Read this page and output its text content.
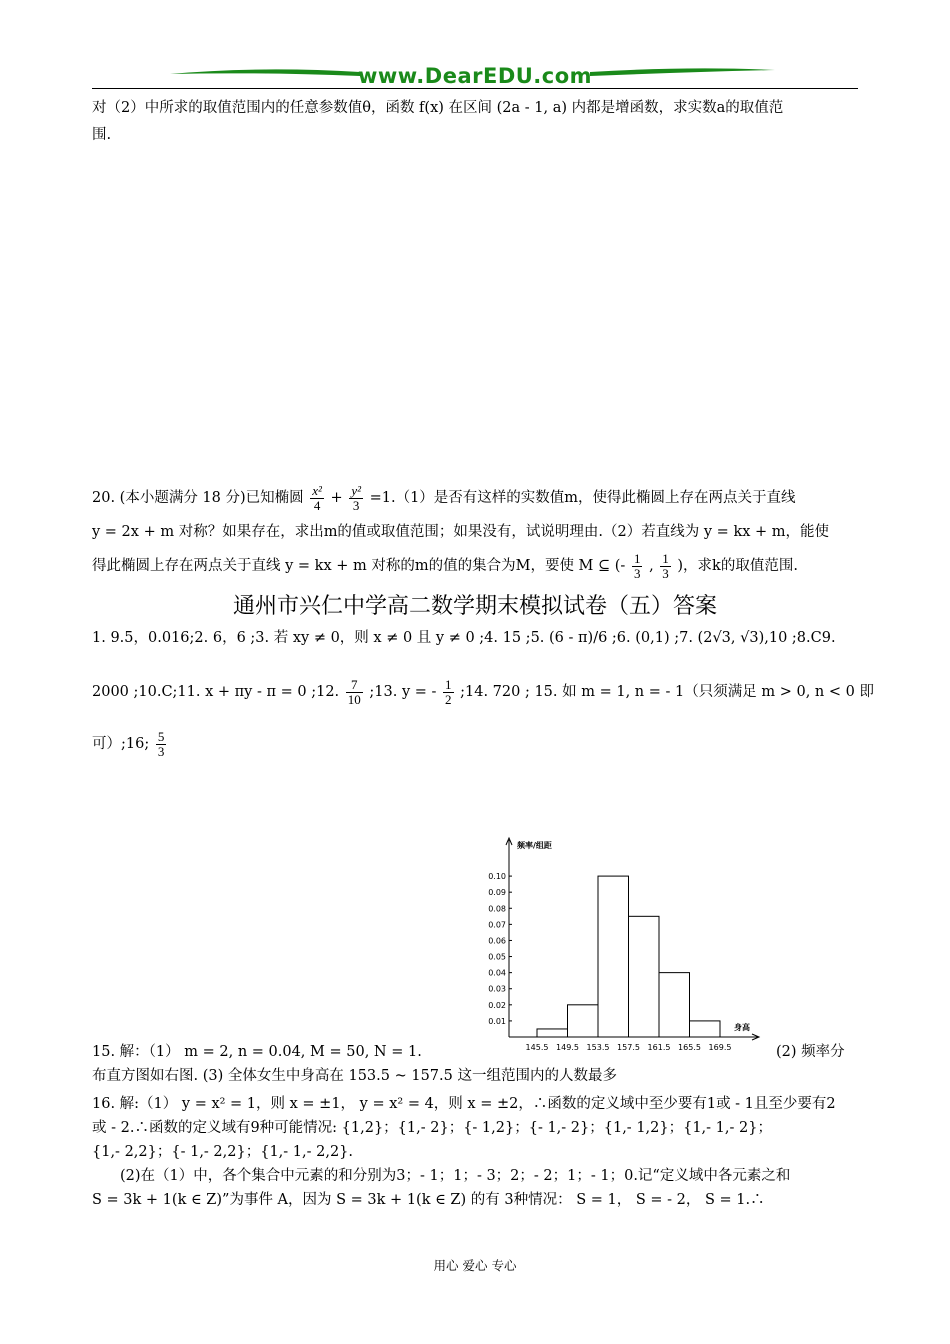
www.DearEDU.com
对（2）中所求的取值范围内的任意参数值θ，函数 f(x) 在区间 (2a - 1, a) 内都是增函数，求实数a的取值范
围.
20. (本小题满分 18 分)已知椭圆 $\frac{\text{x²}}{4} + \frac{\text{y²}}{3} =1.(1)$是否有这样的实数值m，使得此椭圆上存在两点关于直线
y = 2x + m 对称？如果存在，求出m的值或取值范围；如果没有，试说明理由.（2）若直线为 y = kx + m，能使
得此椭圆上存在两点关于直线 y = kx + m 对称的m的值的集合为M，要使 M ⊆ (- $\frac{1}{3}$ , $\frac{1}{3}$ )，求k的取值范围.
通州市兴仁中学高二数学期末模拟试卷（五）答案
1. 9.5，0.016;2. 6，6 ;3. 若 xy ≠ 0，则 x ≠ 0 且 y ≠ 0 ;4. 15 ;5. (6 - π)/6 ;6. (0,1) ;7. (2√3, √3),10 ;8.C9.
2000 ;10.C;11. x + πy - π = 0 ;12. $\frac{7}{10}$ ;13. y = - $\frac{1}{2}$ ;14. 720 ; 15. 如 m = 1, n = - 1（只须满足 m > 0, n < 0 即
可）;16; $\frac{5}{3}$
频率/组距
身高
0.01
0.02
0.03
0.04
0.05
0.06
0.07
0.08
0.09
0.10
145.5 149.5 153.5 157.5 161.5 165.5 169.5
15. 解：（1） m = 2, n = 0.04, M = 50, N = 1.	(2) 频率分
布直方图如右图. (3) 全体女生中身高在 153.5 ~ 157.5 这一组范围内的人数最多
16. 解:（1） y = x² = 1，则 x = ±1， y = x² = 4，则 x = ±2，∴函数的定义域中至少要有1或 - 1且至少要有2
或 - 2.∴函数的定义域有9种可能情况: {1,2}；{1,- 2}；{- 1,2}；{- 1,- 2}；{1,- 1,2}；{1,- 1,- 2}；
{1,- 2,2}；{- 1,- 2,2}；{1,- 1,- 2,2}.
(2)在（1）中，各个集合中元素的和分别为3；- 1；1；- 3；2；- 2；1；- 1；0.记“定义域中各元素之和
S = 3k + 1(k ∈ Z)”为事件 A，因为 S = 3k + 1(k ∈ Z) 的有 3种情况： S = 1， S = - 2， S = 1.∴
用心 爱心 专心
